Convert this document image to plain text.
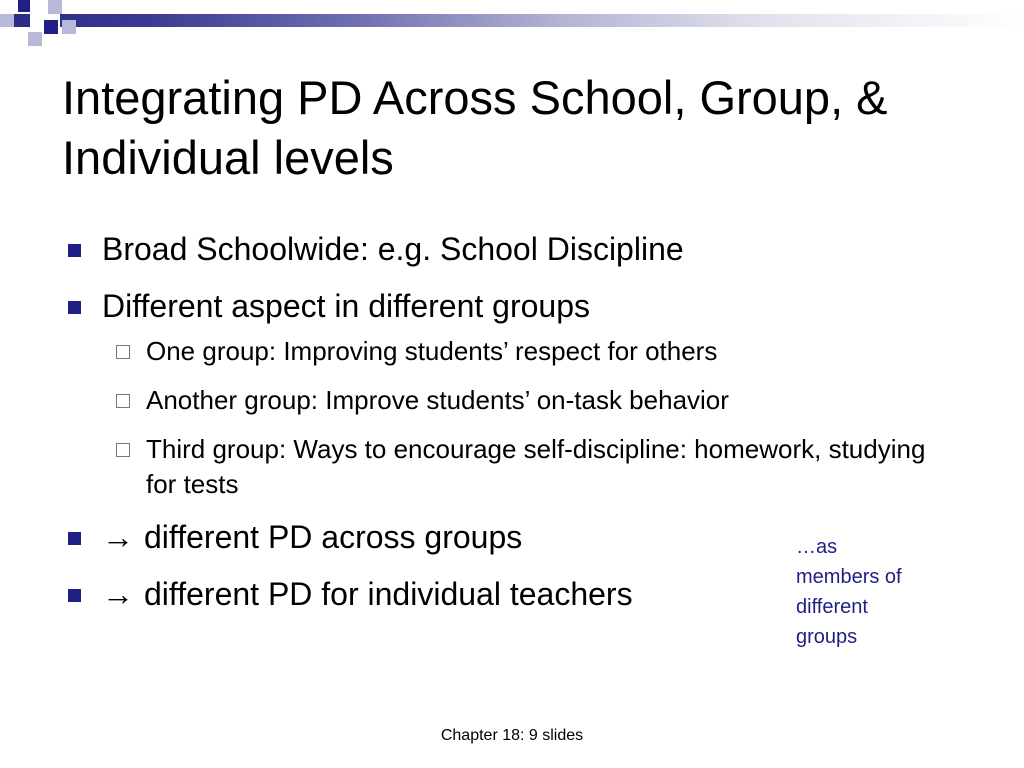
Integrating PD Across School, Group, & Individual levels
Broad Schoolwide: e.g. School Discipline
Different aspect in different groups
One group: Improving students’ respect for others
Another group: Improve students’ on-task behavior
Third group: Ways to encourage self-discipline: homework, studying for tests
→ different PD across groups
→ different PD for individual teachers
…as
members of
different
groups
Chapter 18: 9 slides
